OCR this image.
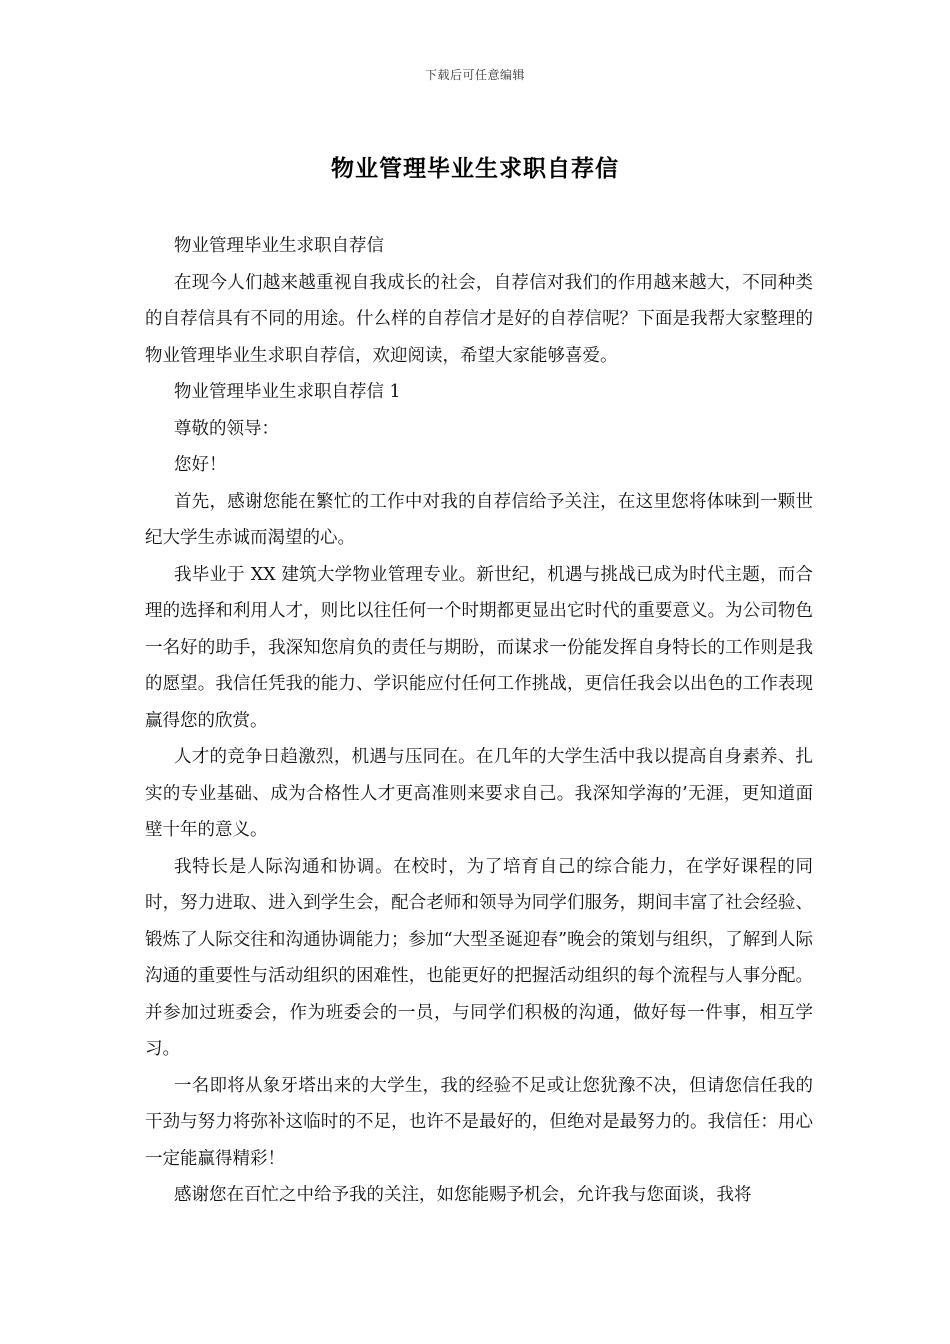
下载后可任意编辑
物业管理毕业生求职自荐信

物业管理毕业生求职自荐信

在现今人们越来越重视自我成长的社会，自荐信对我们的作用越来越大，不同种类的自荐信具有不同的用途。什么样的自荐信才是好的自荐信呢？下面是我帮大家整理的物业管理毕业生求职自荐信，欢迎阅读，希望大家能够喜爱。

物业管理毕业生求职自荐信 1

尊敬的领导：

您好！

首先，感谢您能在繁忙的工作中对我的自荐信给予关注，在这里您将体味到一颗世纪大学生赤诚而渴望的心。

我毕业于 XX 建筑大学物业管理专业。新世纪，机遇与挑战已成为时代主题，而合理的选择和利用人才，则比以往任何一个时期都更显出它时代的重要意义。为公司物色一名好的助手，我深知您肩负的责任与期盼，而谋求一份能发挥自身特长的工作则是我的愿望。我信任凭我的能力、学识能应付任何工作挑战，更信任我会以出色的工作表现赢得您的欣赏。

人才的竞争日趋激烈，机遇与压同在。在几年的大学生活中我以提高自身素养、扎实的专业基础、成为合格性人才更高准则来要求自己。我深知学海的’无涯，更知道面壁十年的意义。

我特长是人际沟通和协调。在校时，为了培育自己的综合能力，在学好课程的同时，努力进取、进入到学生会，配合老师和领导为同学们服务，期间丰富了社会经验、锻炼了人际交往和沟通协调能力；参加“大型圣诞迎春”晚会的策划与组织，了解到人际沟通的重要性与活动组织的困难性，也能更好的把握活动组织的每个流程与人事分配。并参加过班委会，作为班委会的一员，与同学们积极的沟通，做好每一件事，相互学习。

一名即将从象牙塔出来的大学生，我的经验不足或让您犹豫不决，但请您信任我的干劲与努力将弥补这临时的不足，也许不是最好的，但绝对是最努力的。我信任：用心一定能赢得精彩！

感谢您在百忙之中给予我的关注，如您能赐予机会，允许我与您面谈，我将
